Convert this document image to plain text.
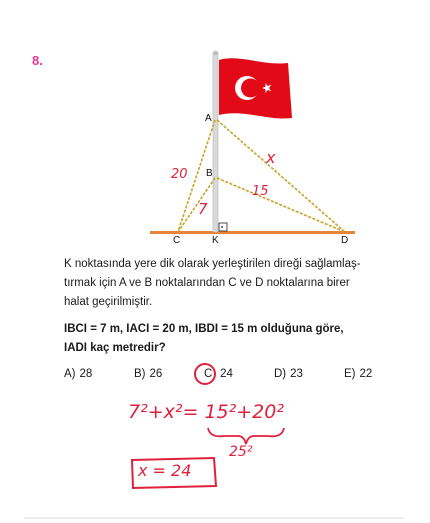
8.
A
B
C	K	D
20
7
15
x
K noktasında yere dik olarak yerleştirilen direği sağlamlaş-
tırmak için A ve B noktalarından C ve D noktalarına birer
halat geçirilmiştir.
IBCI = 7 m, IACI = 20 m, IBDI = 15 m olduğuna göre,
IADI kaç metredir?
A) 28	B) 26	C) 24	D) 23	E) 22
7²+x²= 15²+20²
25²
x = 24
